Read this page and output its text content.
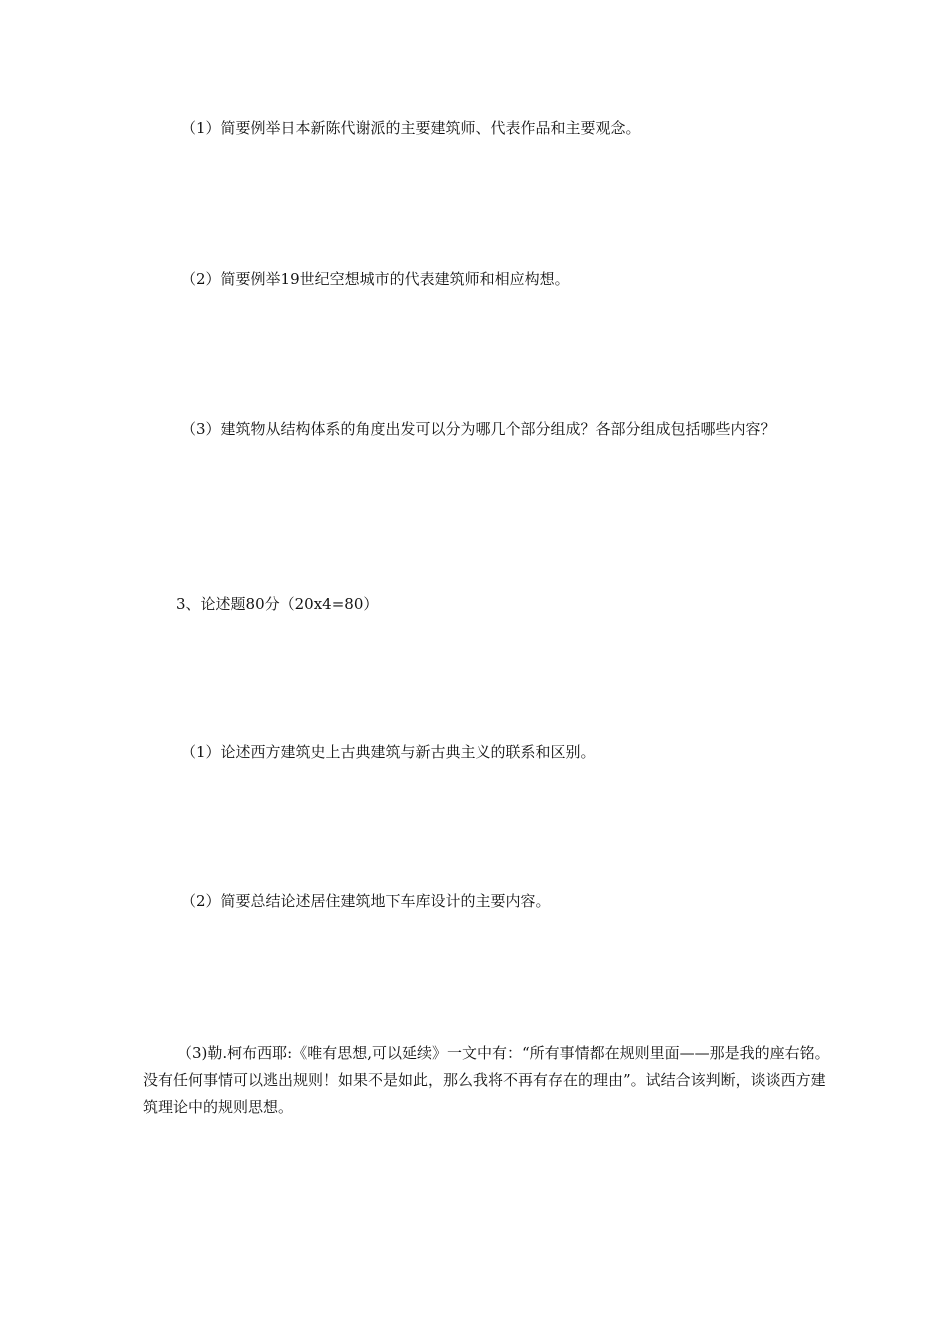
（1）简要例举日本新陈代谢派的主要建筑师、代表作品和主要观念。
（2）简要例举19世纪空想城市的代表建筑师和相应构想。
（3）建筑物从结构体系的角度出发可以分为哪几个部分组成？各部分组成包括哪些内容？
3、论述题80分（20x4=80）
（1）论述西方建筑史上古典建筑与新古典主义的联系和区别。
（2）简要总结论述居住建筑地下车库设计的主要内容。
（3)勒.柯布西耶:《唯有思想,可以延续》一文中有：“所有事情都在规则里面——那是我的座右铭。没有任何事情可以逃出规则！如果不是如此，那么我将不再有存在的理由”。试结合该判断，谈谈西方建筑理论中的规则思想。
